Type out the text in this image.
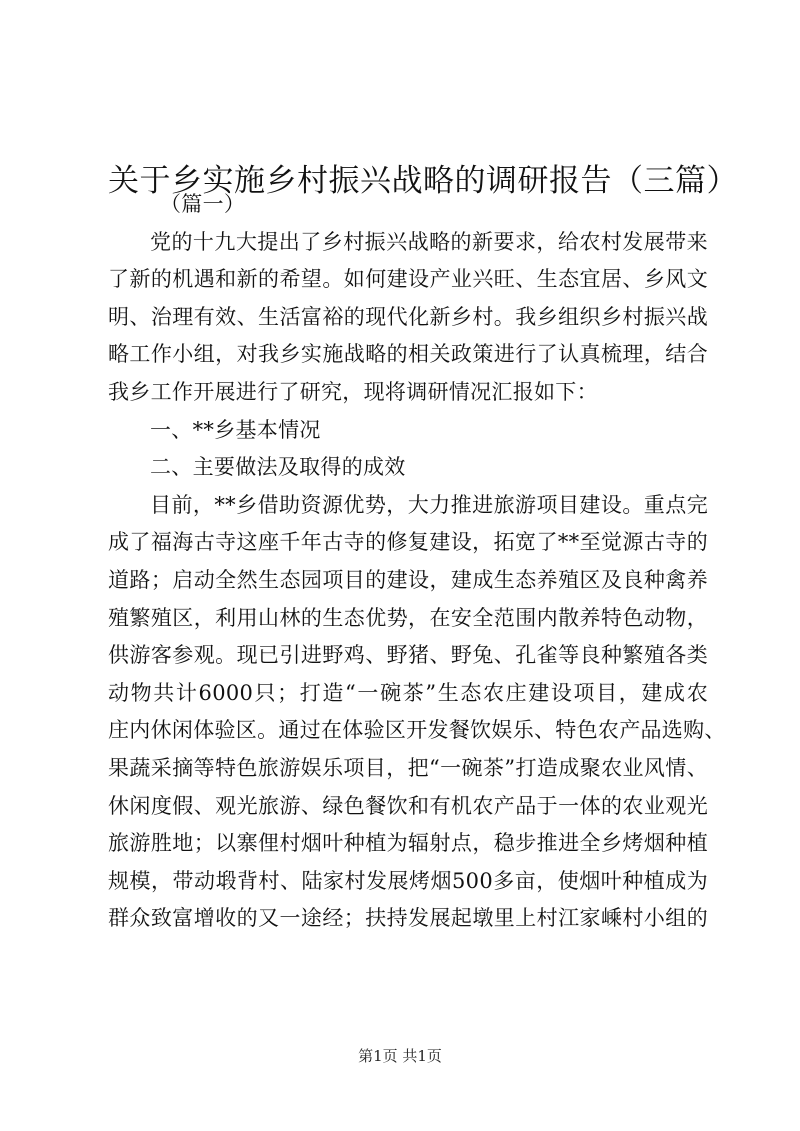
关于乡实施乡村振兴战略的调研报告（三篇）
（篇一）
党的十九大提出了乡村振兴战略的新要求，给农村发展带来
了新的机遇和新的希望。如何建设产业兴旺、生态宜居、乡风文
明、治理有效、生活富裕的现代化新乡村。我乡组织乡村振兴战
略工作小组，对我乡实施战略的相关政策进行了认真梳理，结合
我乡工作开展进行了研究，现将调研情况汇报如下：
一、**乡基本情况
二、主要做法及取得的成效
目前，**乡借助资源优势，大力推进旅游项目建设。重点完
成了福海古寺这座千年古寺的修复建设，拓宽了**至觉源古寺的
道路；启动全然生态园项目的建设，建成生态养殖区及良种禽养
殖繁殖区，利用山林的生态优势，在安全范围内散养特色动物，
供游客参观。现已引进野鸡、野猪、野兔、孔雀等良种繁殖各类
动物共计6000只；打造“一碗茶”生态农庄建设项目，建成农
庄内休闲体验区。通过在体验区开发餐饮娱乐、特色农产品选购、
果蔬采摘等特色旅游娱乐项目，把“一碗茶”打造成聚农业风情、
休闲度假、观光旅游、绿色餐饮和有机农产品于一体的农业观光
旅游胜地；以寨俚村烟叶种植为辐射点，稳步推进全乡烤烟种植
规模，带动塅背村、陆家村发展烤烟500多亩，使烟叶种植成为
群众致富增收的又一途经；扶持发展起墩里上村江家嵊村小组的
第1页 共1页
